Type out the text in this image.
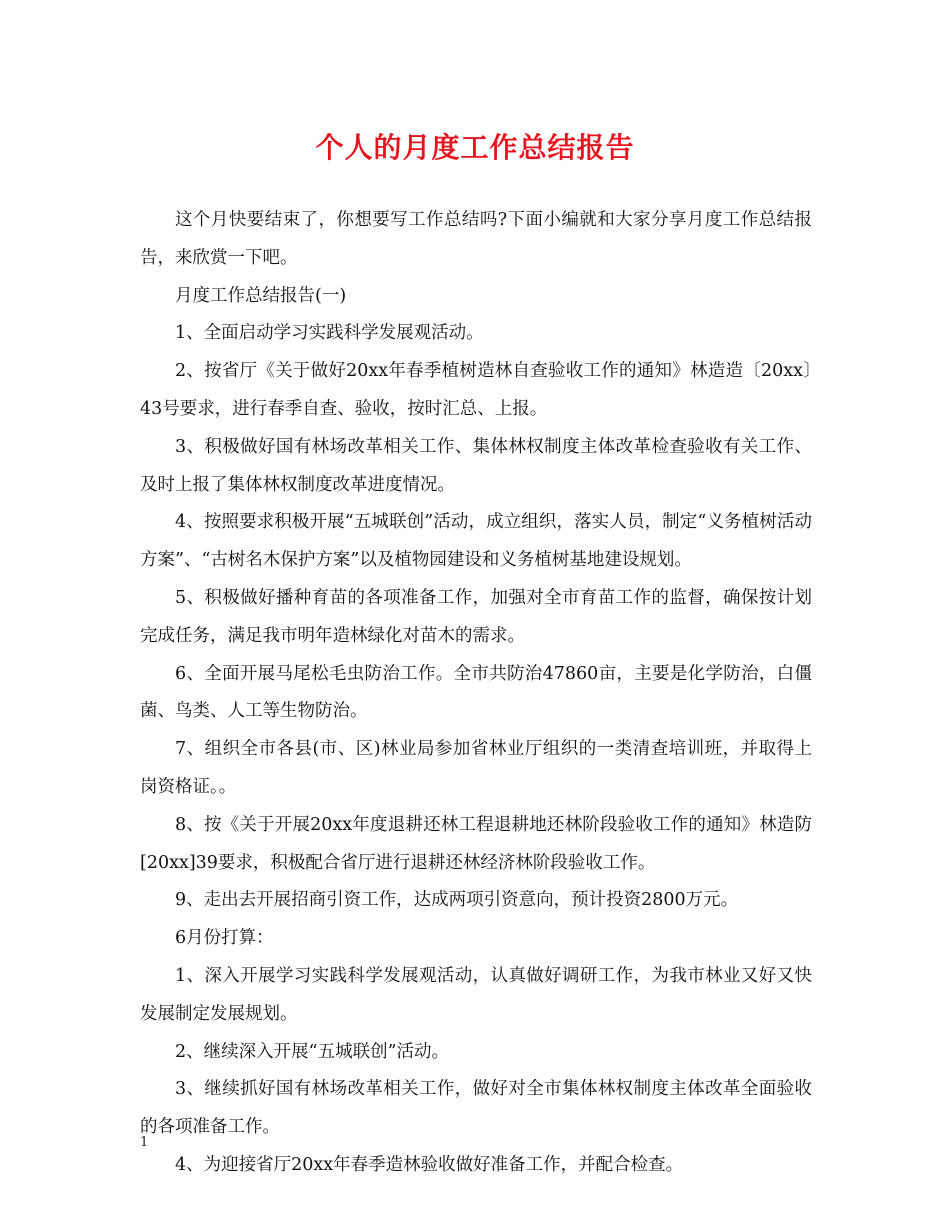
个人的月度工作总结报告

这个月快要结束了，你想要写工作总结吗?下面小编就和大家分享月度工作总结报告，来欣赏一下吧。

月度工作总结报告(一)

1、全面启动学习实践科学发展观活动。

2、按省厅《关于做好20xx年春季植树造林自查验收工作的通知》林造造〔20xx〕43号要求，进行春季自查、验收，按时汇总、上报。

3、积极做好国有林场改革相关工作、集体林权制度主体改革检查验收有关工作、及时上报了集体林权制度改革进度情况。

4、按照要求积极开展“五城联创”活动，成立组织，落实人员，制定“义务植树活动方案”、“古树名木保护方案”以及植物园建设和义务植树基地建设规划。

5、积极做好播种育苗的各项准备工作，加强对全市育苗工作的监督，确保按计划完成任务，满足我市明年造林绿化对苗木的需求。

6、全面开展马尾松毛虫防治工作。全市共防治47860亩，主要是化学防治，白僵菌、鸟类、人工等生物防治。

7、组织全市各县(市、区)林业局参加省林业厅组织的一类清查培训班，并取得上岗资格证。。

8、按《关于开展20xx年度退耕还林工程退耕地还林阶段验收工作的通知》林造防[20xx]39要求，积极配合省厅进行退耕还林经济林阶段验收工作。

9、走出去开展招商引资工作，达成两项引资意向，预计投资2800万元。

6月份打算：

1、深入开展学习实践科学发展观活动，认真做好调研工作，为我市林业又好又快发展制定发展规划。

2、继续深入开展“五城联创”活动。

3、继续抓好国有林场改革相关工作，做好对全市集体林权制度主体改革全面验收的各项准备工作。

4、为迎接省厅20xx年春季造林验收做好准备工作，并配合检查。

1
